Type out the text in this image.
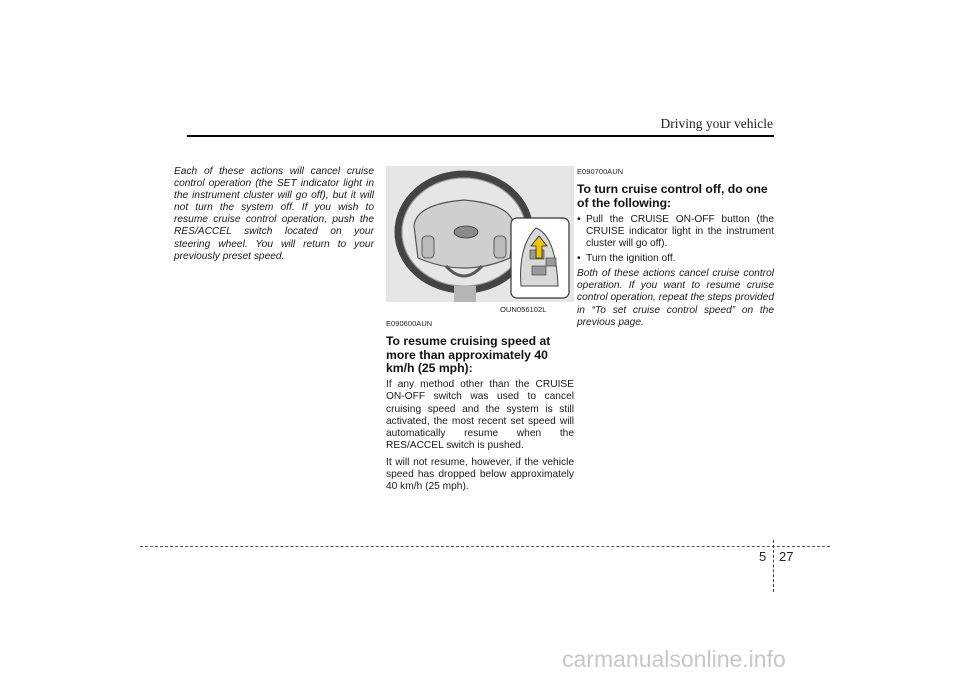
Driving your vehicle

Each of these actions will cancel cruise control operation (the SET indicator light in the instrument cluster will go off), but it will not turn the system off. If you wish to resume cruise control operation, push the RES/ACCEL switch located on your steering wheel. You will return to your previously preset speed.

OUN056102L
E090600AUN
To resume cruising speed at more than approximately 40 km/h (25 mph):

If any method other than the CRUISE ON-OFF switch was used to cancel cruising speed and the system is still activated, the most recent set speed will automatically resume when the RES/ACCEL switch is pushed.

It will not resume, however, if the vehicle speed has dropped below approximately 40 km/h (25 mph).

E090700AUN
To turn cruise control off, do one of the following:
• Pull the CRUISE ON-OFF button (the CRUISE indicator light in the instrument cluster will go off).
• Turn the ignition off.

Both of these actions cancel cruise control operation. If you want to resume cruise control operation, repeat the steps provided in “To set cruise control speed” on the previous page.

5 27
carmanualsonline.info
